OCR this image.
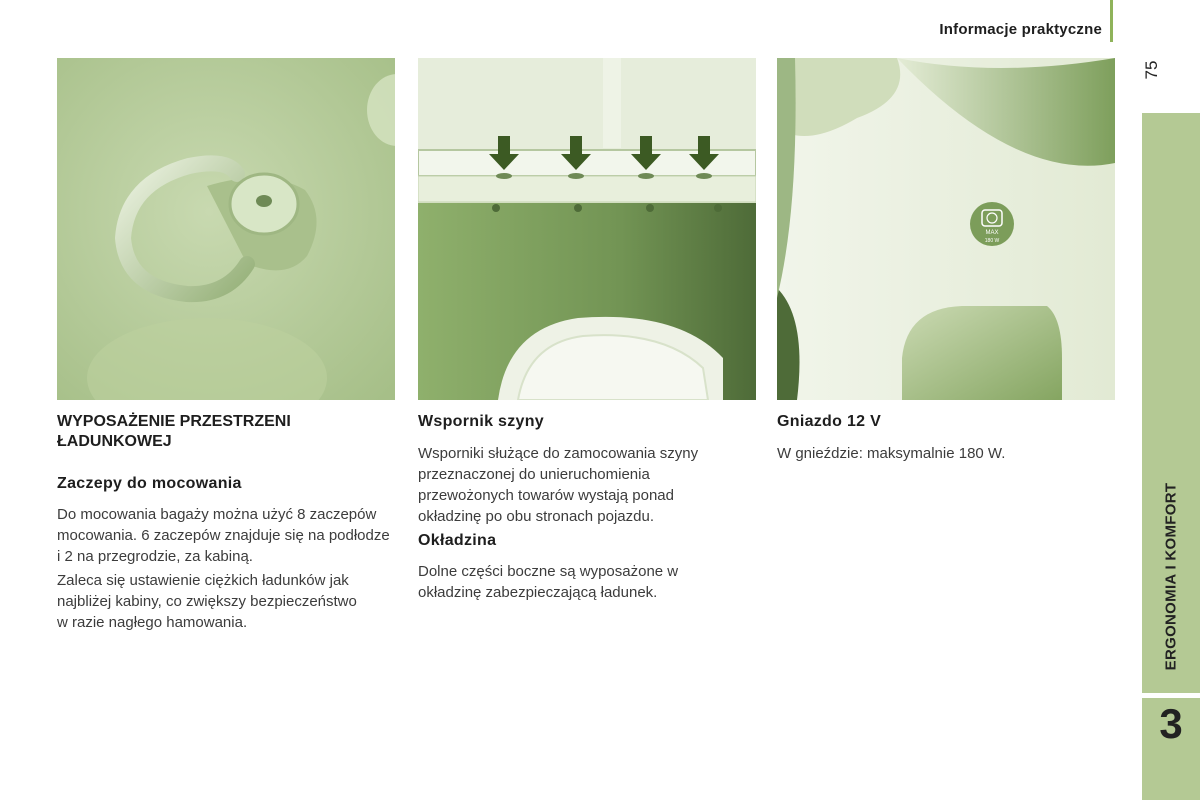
Informacje praktyczne
75
ERGONOMIA I KOMFORT
3
MAX
180 W
WYPOSAŻENIE PRZESTRZENI ŁADUNKOWEJ
Zaczepy do mocowania

Do mocowania bagaży można użyć 8 zaczepów mocowania. 6 zaczepów znajduje się na podłodze i 2 na przegrodzie, za kabiną.

Zaleca się ustawienie ciężkich ładunków jak najbliżej kabiny, co zwiększy bezpieczeństwo w razie nagłego hamowania.

Wspornik szyny

Wsporniki służące do zamocowania szyny przeznaczonej do unieruchomienia przewożonych towarów wystają ponad okładzinę po obu stronach pojazdu.

Okładzina

Dolne części boczne są wyposażone w okładzinę zabezpieczającą ładunek.

Gniazdo 12 V

W gnieździe: maksymalnie 180 W.
